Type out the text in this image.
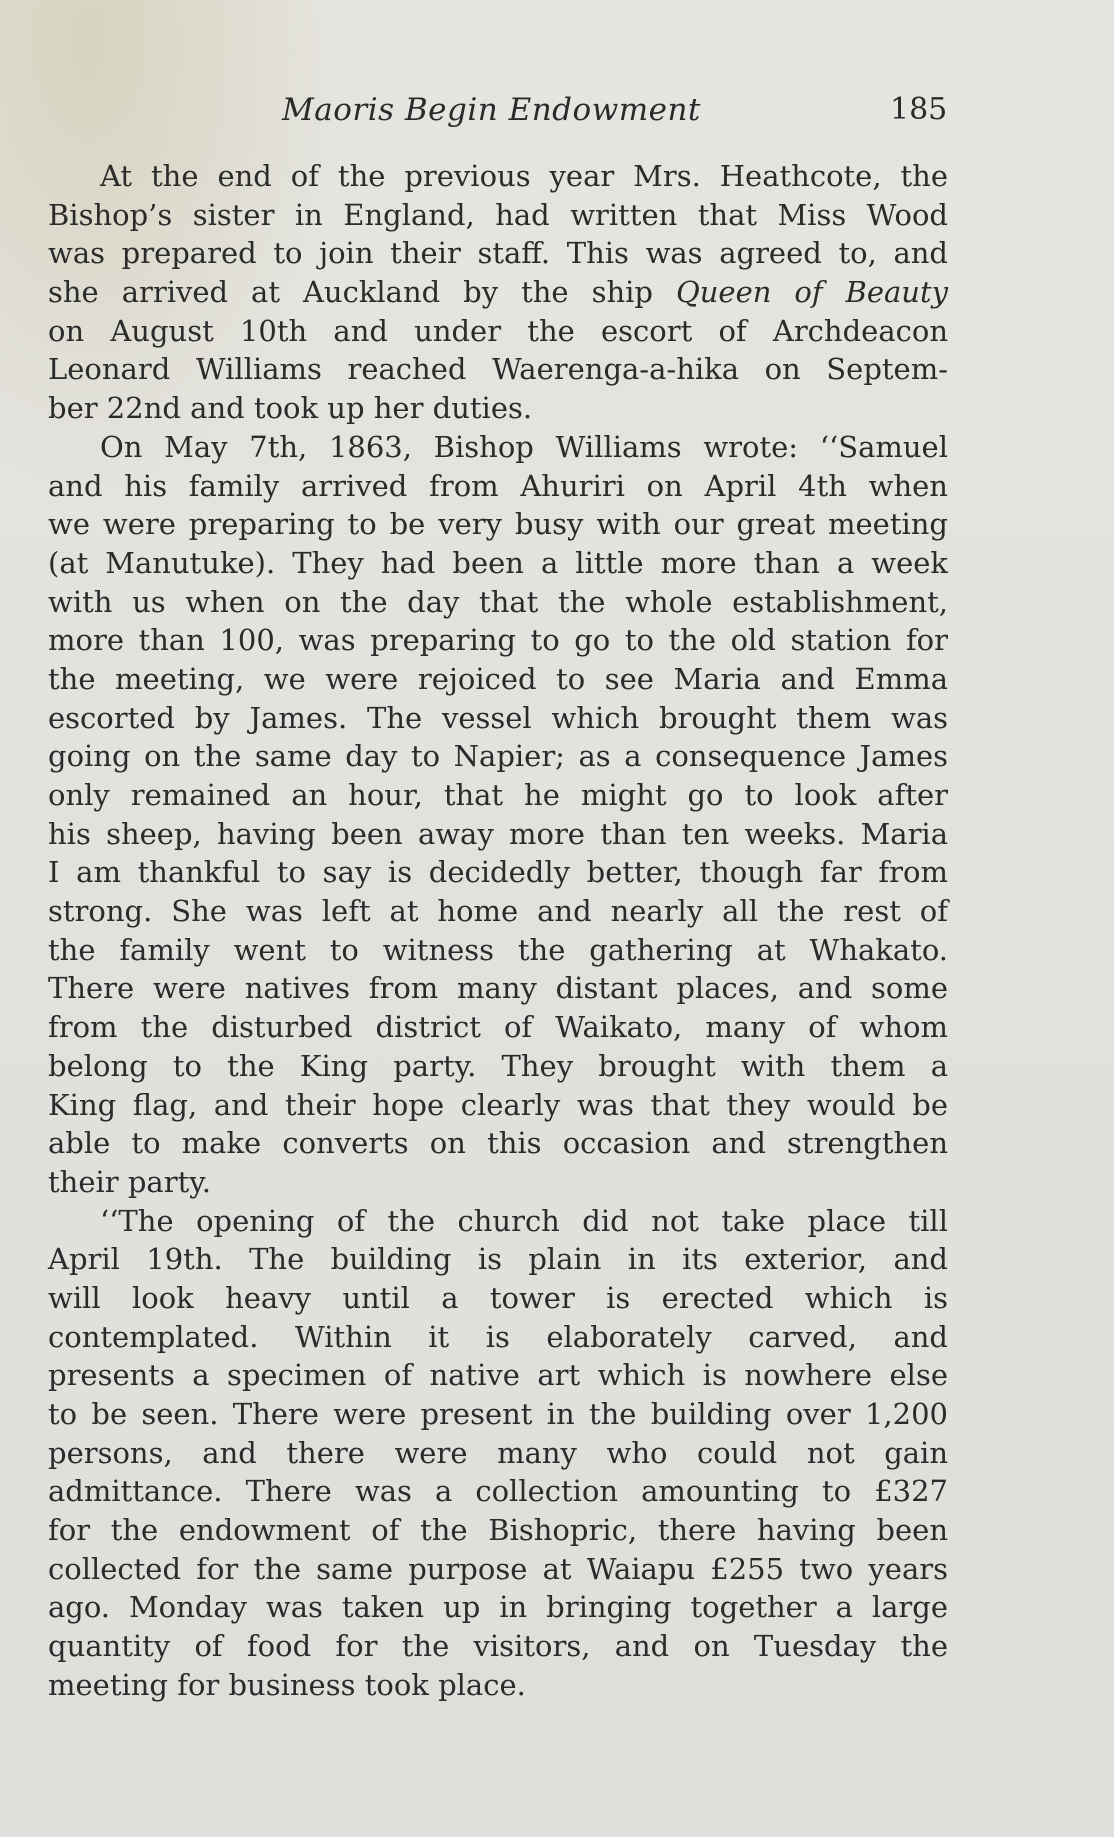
Maoris Begin Endowment	185
At the end of the previous year Mrs. Heathcote, the
Bishop’s sister in England, had written that Miss Wood
was prepared to join their staff. This was agreed to, and
she arrived at Auckland by the ship Queen of Beauty
on August 10th and under the escort of Archdeacon
Leonard Williams reached Waerenga-a-hika on Septem-
ber 22nd and took up her duties.
On May 7th, 1863, Bishop Williams wrote: ‘‘Samuel
and his family arrived from Ahuriri on April 4th when
we were preparing to be very busy with our great meeting
(at Manutuke). They had been a little more than a week
with us when on the day that the whole establishment,
more than 100, was preparing to go to the old station for
the meeting, we were rejoiced to see Maria and Emma
escorted by James. The vessel which brought them was
going on the same day to Napier; as a consequence James
only remained an hour, that he might go to look after
his sheep, having been away more than ten weeks. Maria
I am thankful to say is decidedly better, though far from
strong. She was left at home and nearly all the rest of
the family went to witness the gathering at Whakato.
There were natives from many distant places, and some
from the disturbed district of Waikato, many of whom
belong to the King party. They brought with them a
King flag, and their hope clearly was that they would be
able to make converts on this occasion and strengthen
their party.
‘‘The opening of the church did not take place till
April 19th. The building is plain in its exterior, and
will look heavy until a tower is erected which is
contemplated. Within it is elaborately carved, and
presents a specimen of native art which is nowhere else
to be seen. There were present in the building over 1,200
persons, and there were many who could not gain
admittance. There was a collection amounting to £327
for the endowment of the Bishopric, there having been
collected for the same purpose at Waiapu £255 two years
ago. Monday was taken up in bringing together a large
quantity of food for the visitors, and on Tuesday the
meeting for business took place.
